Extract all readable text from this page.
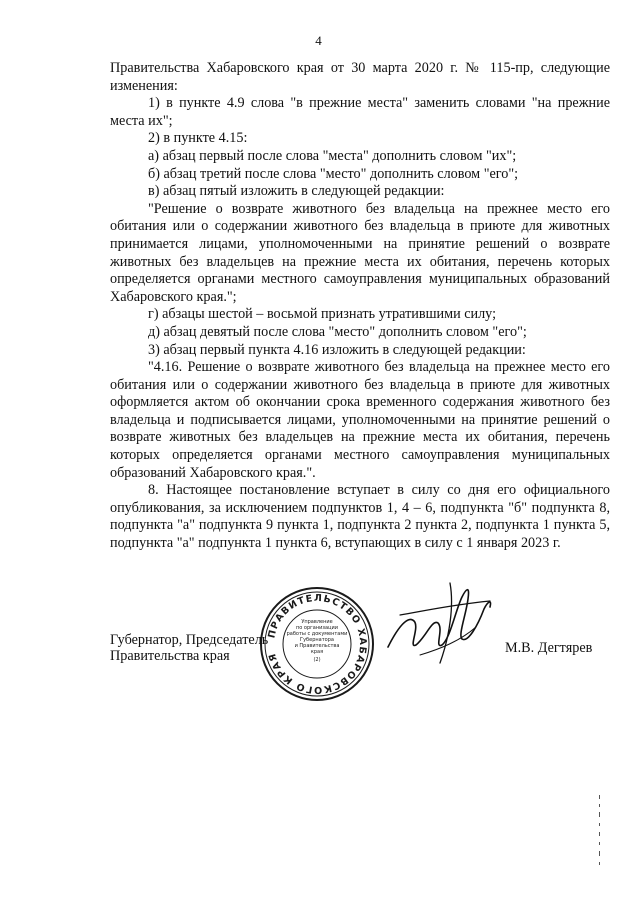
4

Правительства Хабаровского края от 30 марта 2020 г. № 115-пр, следующие изменения:

1) в пункте 4.9 слова "в прежние места" заменить словами "на прежние места их";

2) в пункте 4.15:

а) абзац первый после слова "места" дополнить словом "их";

б) абзац третий после слова "место" дополнить словом "его";

в) абзац пятый изложить в следующей редакции:

"Решение о возврате животного без владельца на прежнее место его обитания или о содержании животного без владельца в приюте для животных принимается лицами, уполномоченными на принятие решений о возврате животных без владельцев на прежние места их обитания, перечень которых определяется органами местного самоуправления муниципальных образований Хабаровского края.";

г) абзацы шестой – восьмой признать утратившими силу;

д) абзац девятый после слова "место" дополнить словом "его";

3) абзац первый пункта 4.16 изложить в следующей редакции:

"4.16. Решение о возврате животного без владельца на прежнее место его обитания или о содержании животного без владельца в приюте для животных оформляется актом об окончании срока временного содержания животного без владельца и подписывается лицами, уполномоченными на принятие решений о возврате животных без владельцев на прежние места их обитания, перечень которых определяется органами местного самоуправления муниципальных образований Хабаровского края.".

8. Настоящее постановление вступает в силу со дня его официального опубликования, за исключением подпунктов 1, 4 – 6, подпункта "б" подпункта 8, подпункта "а" подпункта 9 пункта 1, подпункта 2 пункта 2, подпункта 1 пункта 5, подпункта "а" подпункта 1 пункта 6, вступающих в силу с 1 января 2023 г.

Губернатор, Председатель
Правительства края
ПРАВИТЕЛЬСТВО ХАБАРОВСКОГО КРАЯ
Управление
по организации
работы с документами
Губернатора
и Правительства
края
(2)
М.В. Дегтярев
